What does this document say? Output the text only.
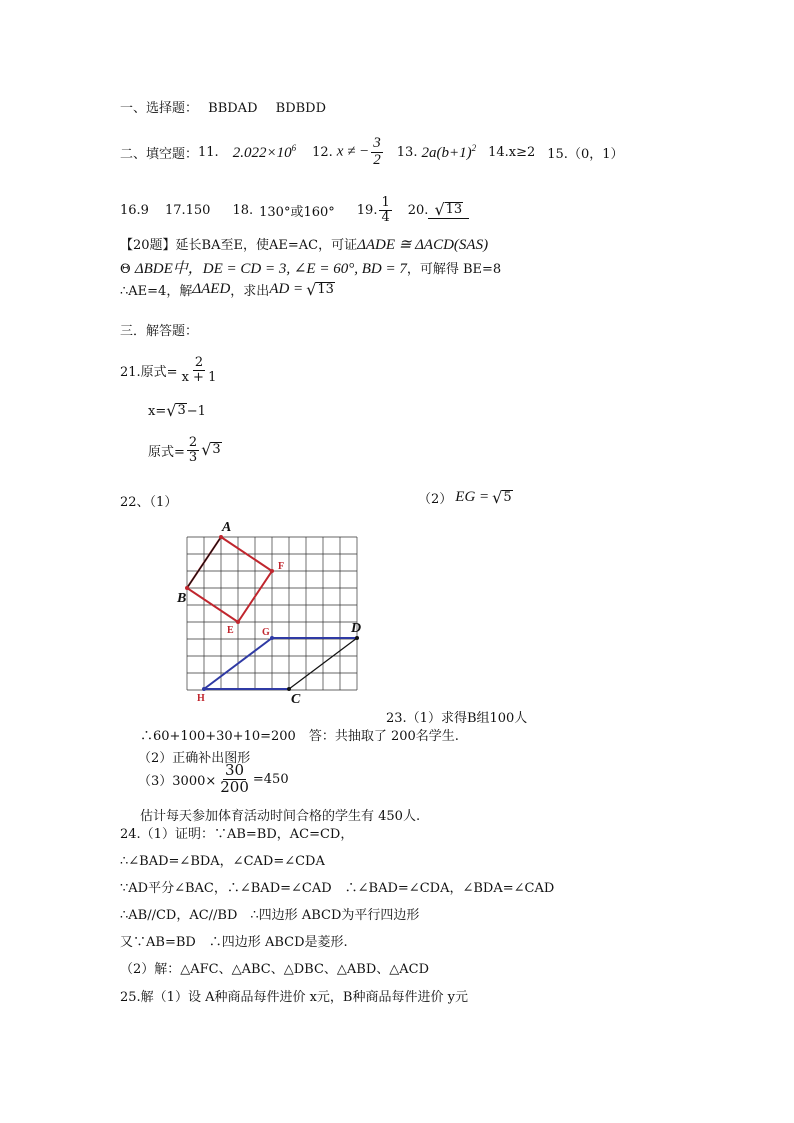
一、选择题： BBDAD BDBDD
二、填空题： 11. $2.022\times 10^6$ 12. x ≠ − $\frac{3}{2} 13$. $2a(b+1)^2$ 14.x≥2 15.（0，1）
16.9 17.150 18. 130°或160° 19. $\frac{1}{4} 20$. √ 13
【20题】延长BA至E，使AE=AC，可证ΔADE ≅ ΔACD(SAS)
Θ ΔBDE中，DE = CD = 3, ∠E = 60°, BD = 7，可解得 BE=8
∴AE=4，解 ΔAED ，求出 AD = √ 13
三．解答题：
21.原式= $\frac{2}{x + 1}$
x= √ 3 −1
原式= $\frac{2}{3}$ √ 3
22、（1）	（2） EG = √ 5
A
B
C
D
E
F
G
H
23.（1）求得B组100人
∴60+100+30+10=200　答：共抽取了 200名学生.
（2）正确补出图形
$(3)3000\times \frac{30}{200} =450$
估计每天参加体育活动时间合格的学生有 450人.
24.（1）证明：∵AB=BD，AC=CD，
∴∠BAD=∠BDA，∠CAD=∠CDA
∵AD平分∠BAC，∴∠BAD=∠CAD　∴∠BAD=∠CDA，∠BDA=∠CAD
∴AB//CD，AC//BD　∴四边形 ABCD为平行四边形
又∵AB=BD　∴四边形 ABCD是菱形.
（2）解：△AFC、△ABC、△DBC、△ABD、△ACD
25.解（1）设 A种商品每件进价 x元，B种商品每件进价 y元
